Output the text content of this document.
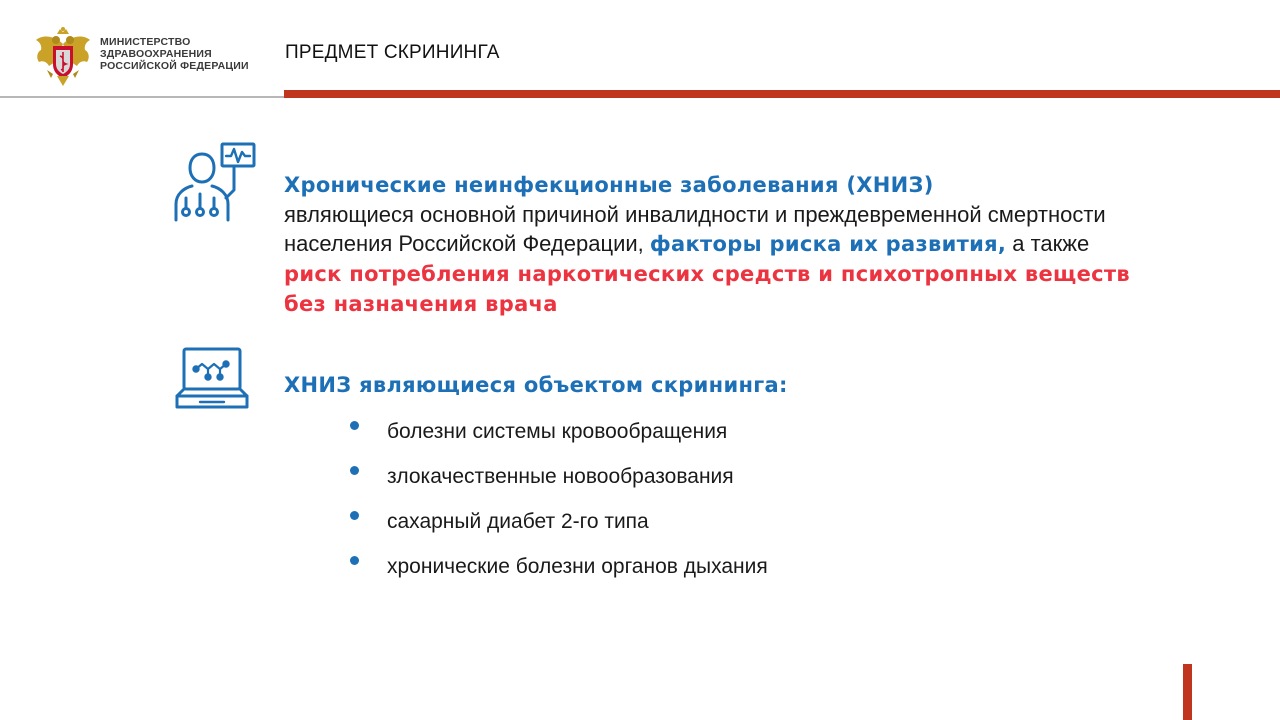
МИНИСТЕРСТВО
ЗДРАВООХРАНЕНИЯ
РОССИЙСКОЙ ФЕДЕРАЦИИ
ПРЕДМЕТ СКРИНИНГА
Хронические неинфекционные заболевания (ХНИЗ)
являющиеся основной причиной инвалидности и преждевременной смертности населения Российской Федерации, факторы риска их развития, а также риск потребления наркотических средств и психотропных веществ без назначения врача
ХНИЗ являющиеся объектом скрининга:
болезни системы кровообращения
злокачественные новообразования
сахарный диабет 2-го типа
хронические болезни органов дыхания
